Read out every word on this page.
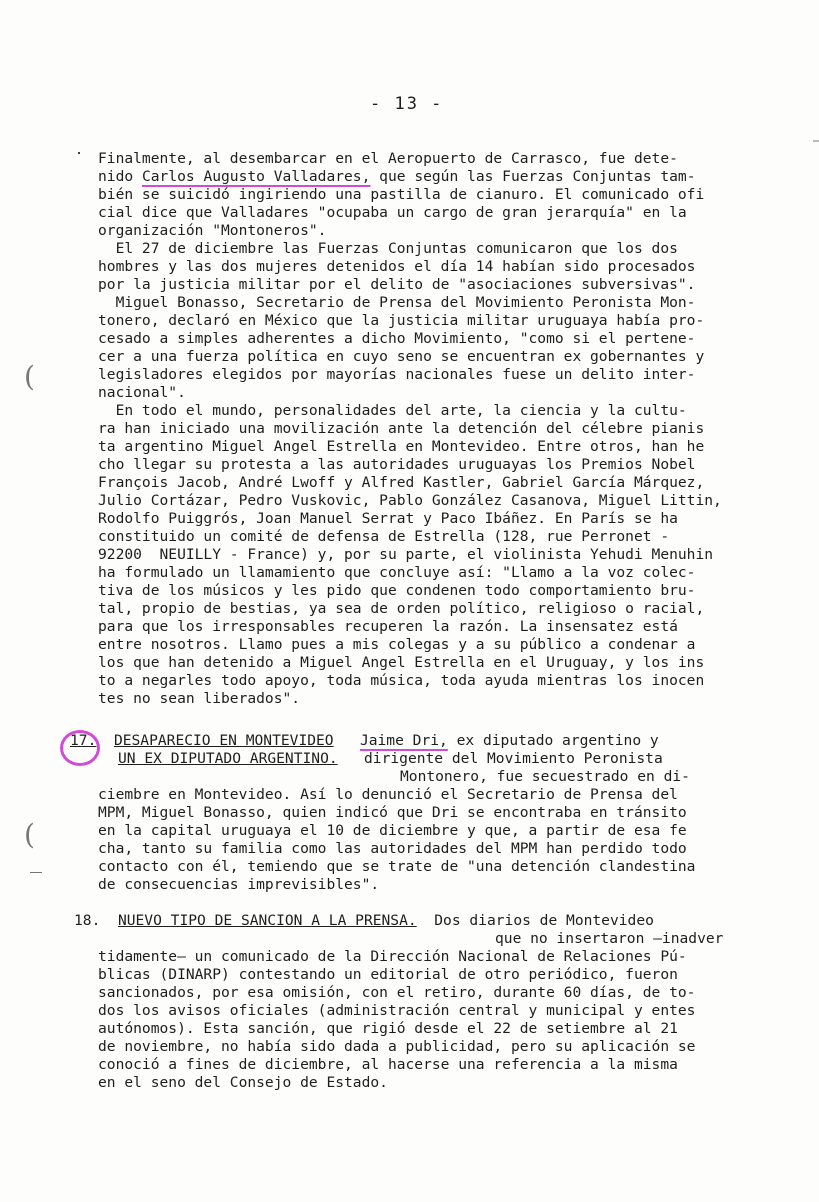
- 13 -
Finalmente, al desembarcar en el Aeropuerto de Carrasco, fue dete-
nido Carlos Augusto Valladares, que según las Fuerzas Conjuntas tam-
bién se suicidó ingiriendo una pastilla de cianuro. El comunicado ofi
cial dice que Valladares "ocupaba un cargo de gran jerarquía" en la
organización "Montoneros".
El 27 de diciembre las Fuerzas Conjuntas comunicaron que los dos
hombres y las dos mujeres detenidos el día 14 habían sido procesados
por la justicia militar por el delito de "asociaciones subversivas".
Miguel Bonasso, Secretario de Prensa del Movimiento Peronista Mon-
tonero, declaró en México que la justicia militar uruguaya había pro-
cesado a simples adherentes a dicho Movimiento, "como si el pertene-
cer a una fuerza política en cuyo seno se encuentran ex gobernantes y
legisladores elegidos por mayorías nacionales fuese un delito inter-
nacional".
En todo el mundo, personalidades del arte, la ciencia y la cultu-
ra han iniciado una movilización ante la detención del célebre pianis
ta argentino Miguel Angel Estrella en Montevideo. Entre otros, han he
cho llegar su protesta a las autoridades uruguayas los Premios Nobel
François Jacob, André Lwoff y Alfred Kastler, Gabriel García Márquez,
Julio Cortázar, Pedro Vuskovic, Pablo González Casanova, Miguel Littin,
Rodolfo Puiggrós, Joan Manuel Serrat y Paco Ibáñez. En París se ha
constituido un comité de defensa de Estrella (128, rue Perronet -
92200  NEUILLY - France) y, por su parte, el violinista Yehudi Menuhin
ha formulado un llamamiento que concluye así: "Llamo a la voz colec-
tiva de los músicos y les pido que condenen todo comportamiento bru-
tal, propio de bestias, ya sea de orden político, religioso o racial,
para que los irresponsables recuperen la razón. La insensatez está
entre nosotros. Llamo pues a mis colegas y a su público a condenar a
los que han detenido a Miguel Angel Estrella en el Uruguay, y los ins
to a negarles todo apoyo, toda música, toda ayuda mientras los inocen
tes no sean liberados".
17. DESAPARECIO EN MONTEVIDEO Jaime Dri, ex diputado argentino y
UN EX DIPUTADO ARGENTINO.   dirigente del Movimiento Peronista
Montonero, fue secuestrado en di-
ciembre en Montevideo. Así lo denunció el Secretario de Prensa del
MPM, Miguel Bonasso, quien indicó que Dri se encontraba en tránsito
en la capital uruguaya el 10 de diciembre y que, a partir de esa fe
cha, tanto su familia como las autoridades del MPM han perdido todo
contacto con él, temiendo que se trate de "una detención clandestina
de consecuencias imprevisibles".
18.  NUEVO TIPO DE SANCION A LA PRENSA.  Dos diarios de Montevideo
que no insertaron —inadver
tidamente— un comunicado de la Dirección Nacional de Relaciones Pú-
blicas (DINARP) contestando un editorial de otro periódico, fueron
sancionados, por esa omisión, con el retiro, durante 60 días, de to-
dos los avisos oficiales (administración central y municipal y entes
autónomos). Esta sanción, que rigió desde el 22 de setiembre al 21
de noviembre, no había sido dada a publicidad, pero su aplicación se
conoció a fines de diciembre, al hacerse una referencia a la misma
en el seno del Consejo de Estado.
(
(
